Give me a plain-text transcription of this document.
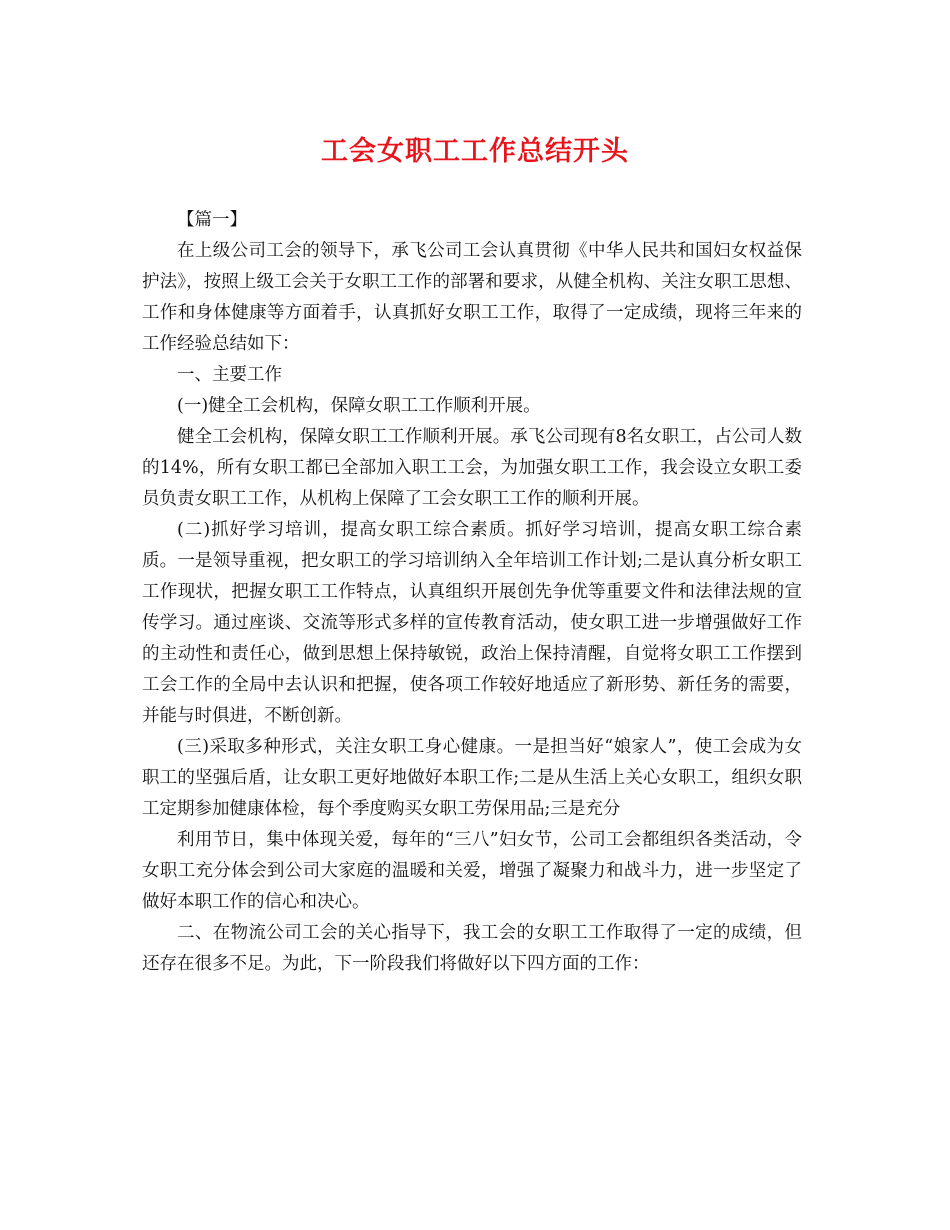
工会女职工工作总结开头

【篇一】

在上级公司工会的领导下，承飞公司工会认真贯彻《中华人民共和国妇女权益保护法》，按照上级工会关于女职工工作的部署和要求，从健全机构、关注女职工思想、工作和身体健康等方面着手，认真抓好女职工工作，取得了一定成绩，现将三年来的工作经验总结如下：

一、主要工作

(一)健全工会机构，保障女职工工作顺利开展。

健全工会机构，保障女职工工作顺利开展。承飞公司现有8名女职工，占公司人数的14%，所有女职工都已全部加入职工工会，为加强女职工工作，我会设立女职工委员负责女职工工作，从机构上保障了工会女职工工作的顺利开展。

(二)抓好学习培训，提高女职工综合素质。抓好学习培训，提高女职工综合素质。一是领导重视，把女职工的学习培训纳入全年培训工作计划;二是认真分析女职工工作现状，把握女职工工作特点，认真组织开展创先争优等重要文件和法律法规的宣传学习。通过座谈、交流等形式多样的宣传教育活动，使女职工进一步增强做好工作的主动性和责任心，做到思想上保持敏锐，政治上保持清醒，自觉将女职工工作摆到工会工作的全局中去认识和把握，使各项工作较好地适应了新形势、新任务的需要，并能与时俱进，不断创新。

(三)采取多种形式，关注女职工身心健康。一是担当好“娘家人”，使工会成为女职工的坚强后盾，让女职工更好地做好本职工作;二是从生活上关心女职工，组织女职工定期参加健康体检，每个季度购买女职工劳保用品;三是充分

利用节日，集中体现关爱，每年的“三八”妇女节，公司工会都组织各类活动，令女职工充分体会到公司大家庭的温暖和关爱，增强了凝聚力和战斗力，进一步坚定了做好本职工作的信心和决心。

二、在物流公司工会的关心指导下，我工会的女职工工作取得了一定的成绩，但还存在很多不足。为此，下一阶段我们将做好以下四方面的工作：
